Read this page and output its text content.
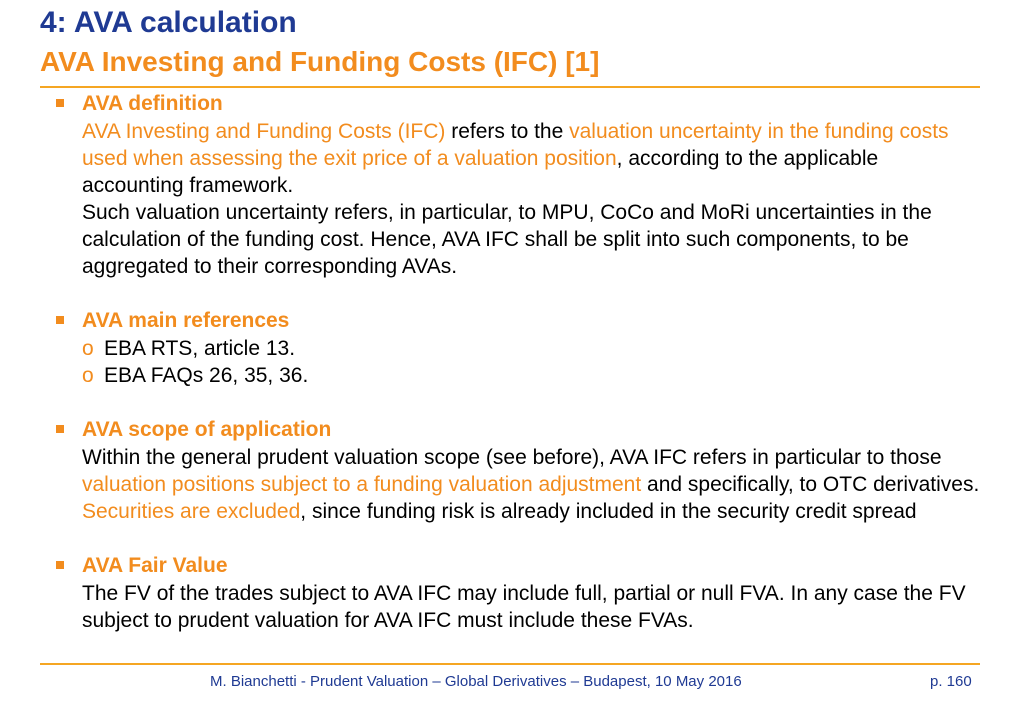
4: AVA calculation
AVA Investing and Funding Costs (IFC) [1]

AVA definition

AVA Investing and Funding Costs (IFC) refers to the valuation uncertainty in the funding costs used when assessing the exit price of a valuation position, according to the applicable accounting framework.

Such valuation uncertainty refers, in particular, to MPU, CoCo and MoRi uncertainties in the calculation of the funding cost. Hence, AVA IFC shall be split into such components, to be aggregated to their corresponding AVAs.

AVA main references

o EBA RTS, article 13.
o EBA FAQs 26, 35, 36.

AVA scope of application

Within the general prudent valuation scope (see before), AVA IFC refers in particular to those valuation positions subject to a funding valuation adjustment and specifically, to OTC derivatives. Securities are excluded, since funding risk is already included in the security credit spread

AVA Fair Value

The FV of the trades subject to AVA IFC may include full, partial or null FVA. In any case the FV subject to prudent valuation for AVA IFC must include these FVAs.

M. Bianchetti - Prudent Valuation – Global Derivatives – Budapest, 10 May 2016	p. 160
